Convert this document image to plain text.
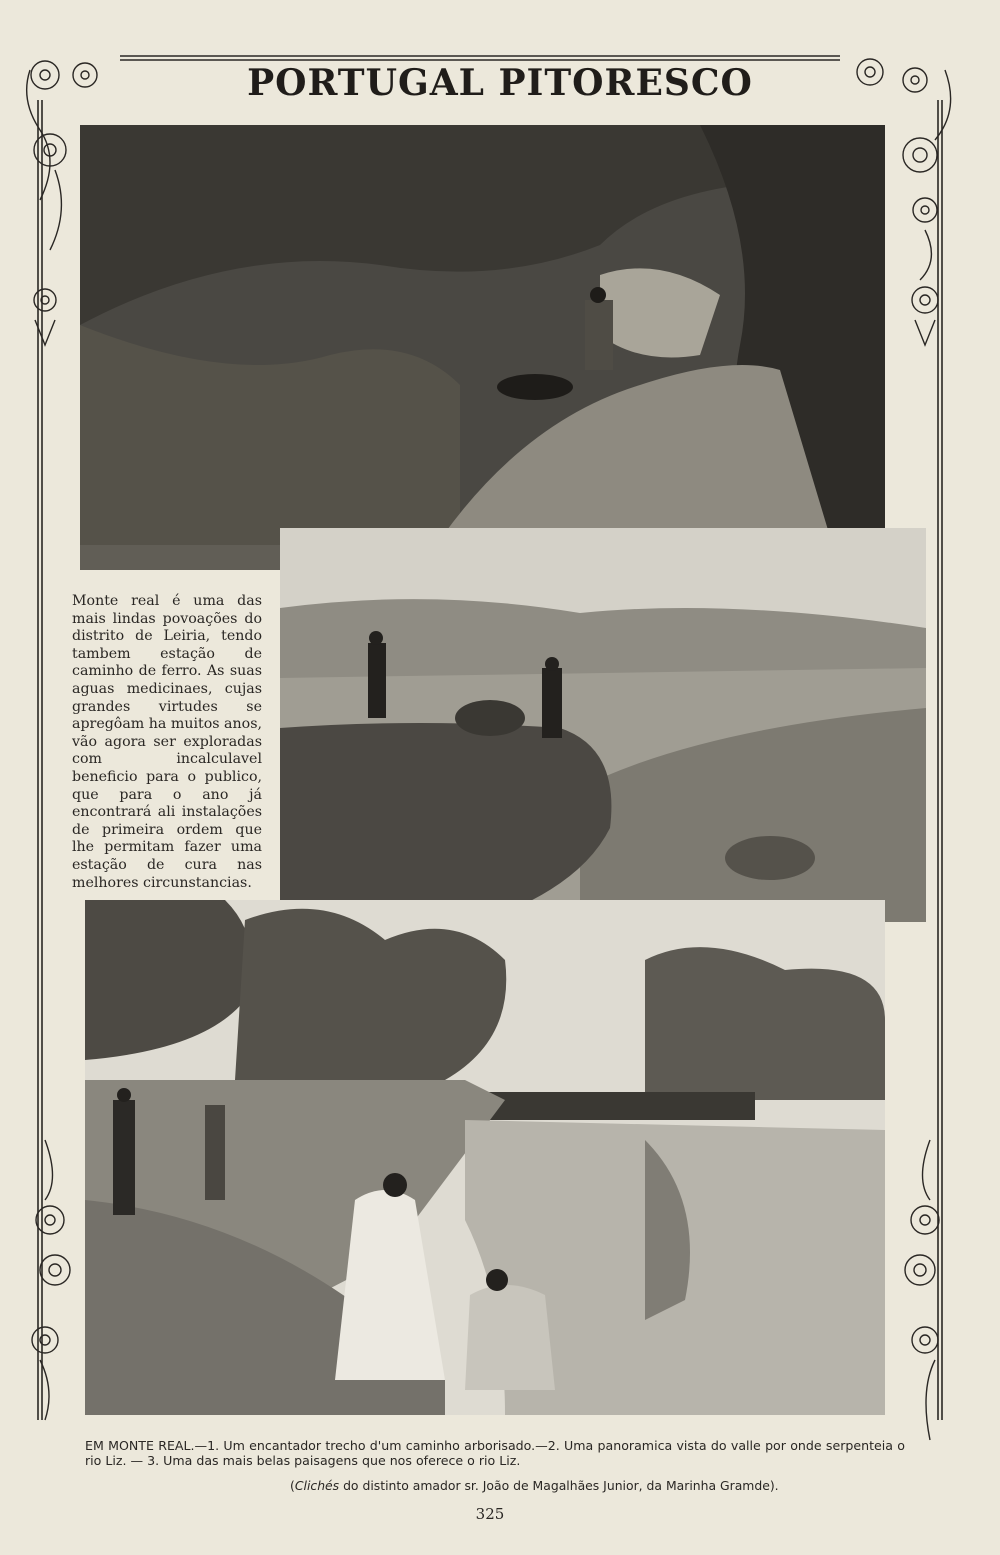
PORTUGAL PITORESCO
Monte real é uma das mais lindas povoações do distrito de Leiria, tendo tambem estação de caminho de ferro. As suas aguas medicinaes, cujas grandes virtudes se apregôam ha muitos anos, vão agora ser exploradas com incalculavel beneficio para o publico, que para o ano já encontrará ali instalações de primeira ordem que lhe permitam fazer uma estação de cura nas melhores circunstancias.
EM MONTE REAL.—1. Um encantador trecho d'um caminho arborisado.—2. Uma panoramica vista do valle por onde serpenteia o rio Liz. — 3. Uma das mais belas paisagens que nos oferece o rio Liz.
(Clichés do distinto amador sr. João de Magalhães Junior, da Marinha Gramde).
325
